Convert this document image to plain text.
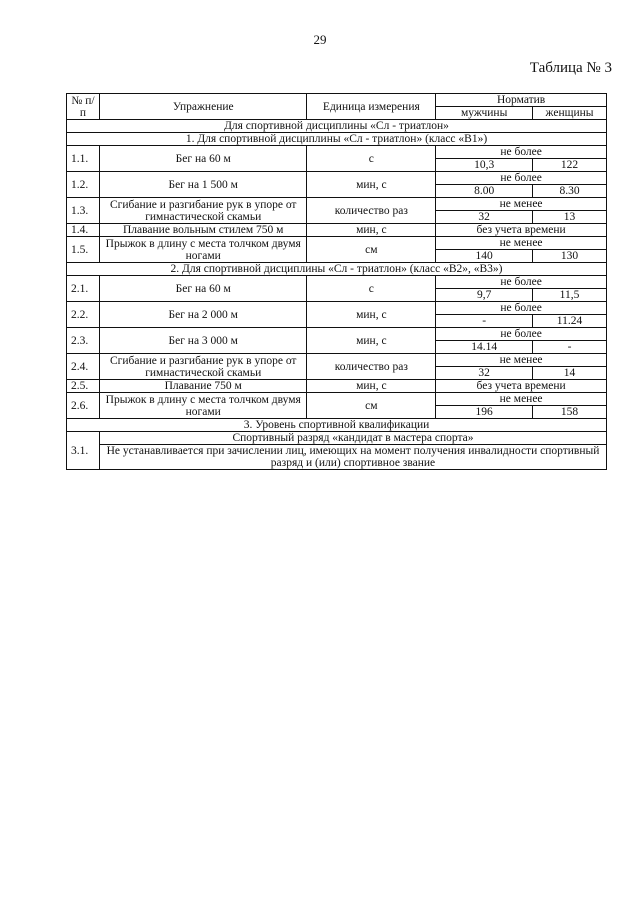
29
Таблица № 3
№ п/п	Упражнение	Единица измерения	Норматив	
			мужчины	женщины
Для спортивной дисциплины «Сл - триатлон»				
1. Для спортивной дисциплины «Сл - триатлон» (класс «В1»)				
1.1.	Бег на 60 м	с	не более	
			10,3	122
1.2.	Бег на 1 500 м	мин, с	не более	
			8.00	8.30
1.3.	Сгибание и разгибание рук в упоре от гимнастической скамьи	количество раз	не менее	
			32	13
1.4.	Плавание вольным стилем 750 м	мин, с	без учета времени	
1.5.	Прыжок в длину с места толчком двумя ногами	см	не менее	
			140	130
2. Для спортивной дисциплины «Сл - триатлон» (класс «В2», «В3»)				
2.1.	Бег на 60 м	с	не более	
			9,7	11,5
2.2.	Бег на 2 000 м	мин, с	не более	
			-	11.24
2.3.	Бег на 3 000 м	мин, с	не более	
			14.14	-
2.4.	Сгибание и разгибание рук в упоре от гимнастической скамьи	количество раз	не менее	
			32	14
2.5.	Плавание 750 м	мин, с	без учета времени	
2.6.	Прыжок в длину с места толчком двумя ногами	см	не менее	
			196	158
3. Уровень спортивной квалификации				
3.1.	Спортивный разряд «кандидат в мастера спорта»			
	Не устанавливается при зачислении лиц, имеющих на момент получения инвалидности спортивный разряд и (или) спортивное звание			
